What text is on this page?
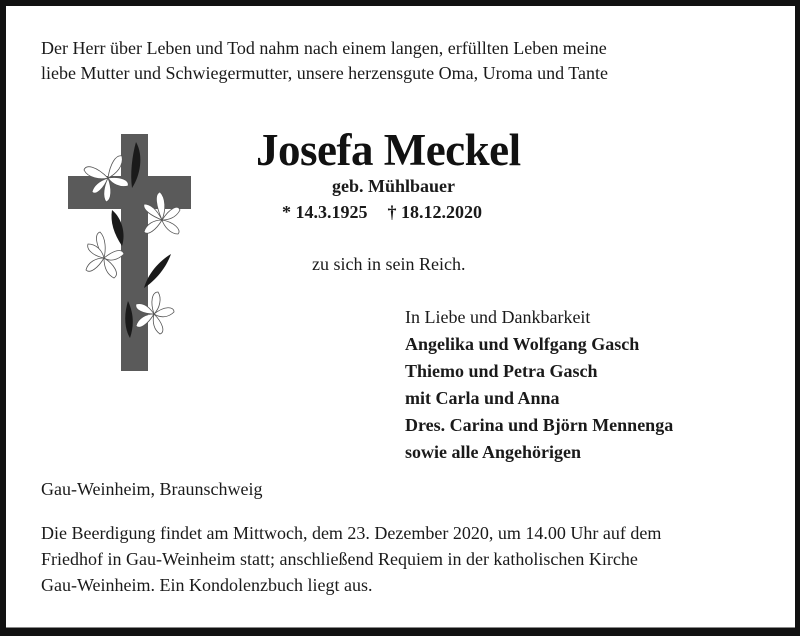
Der Herr über Leben und Tod nahm nach einem langen, erfüllten Leben meine
liebe Mutter und Schwiegermutter, unsere herzensgute Oma, Uroma und Tante
Josefa Meckel
geb. Mühlbauer
* 14.3.1925 † 18.12.2020
zu sich in sein Reich.
In Liebe und Dankbarkeit
Angelika und Wolfgang Gasch
Thiemo und Petra Gasch
mit Carla und Anna
Dres. Carina und Björn Mennenga
sowie alle Angehörigen
Gau-Weinheim, Braunschweig
Die Beerdigung findet am Mittwoch, dem 23. Dezember 2020, um 14.00 Uhr auf dem
Friedhof in Gau-Weinheim statt; anschließend Requiem in der katholischen Kirche
Gau-Weinheim. Ein Kondolenzbuch liegt aus.
